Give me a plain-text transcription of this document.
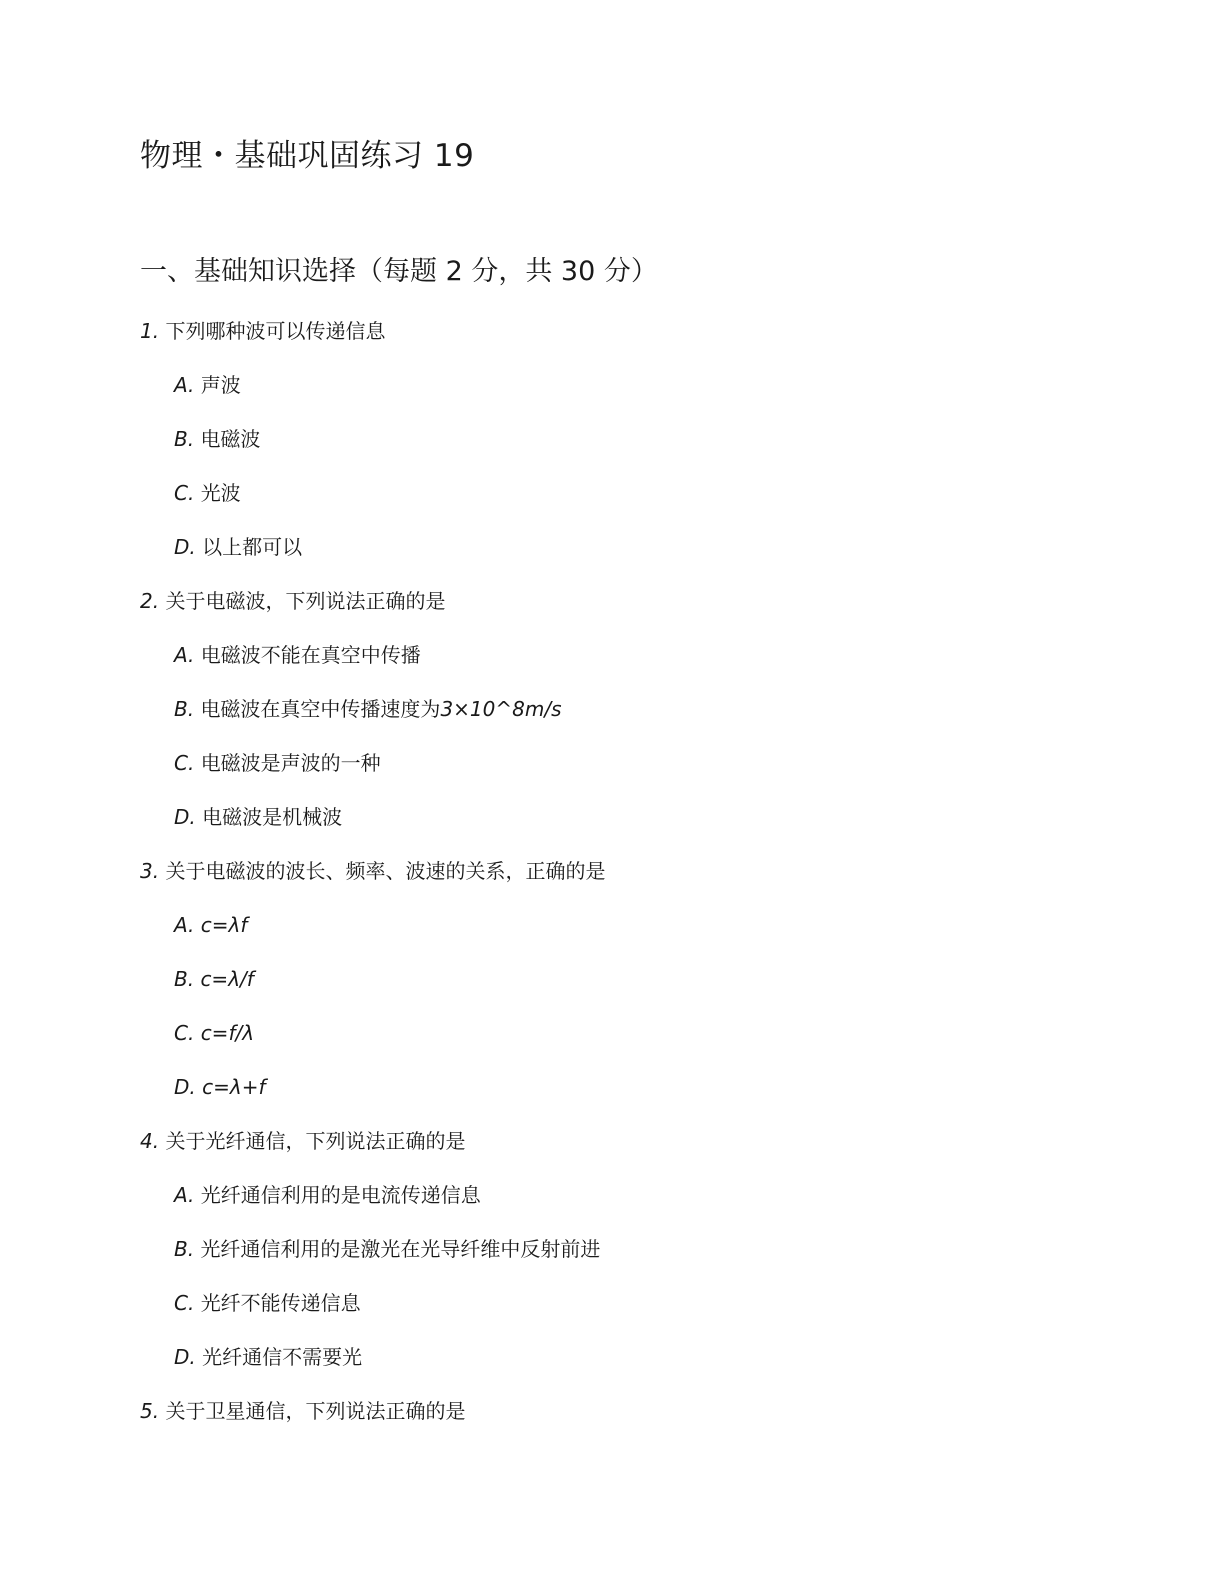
物理・基础巩固练习 19
一、基础知识选择（每题 2 分，共 30 分）
1. 下列哪种波可以传递信息
A. 声波
B. 电磁波
C. 光波
D. 以上都可以
2. 关于电磁波，下列说法正确的是
A. 电磁波不能在真空中传播
B. 电磁波在真空中传播速度为3×10^8m/s
C. 电磁波是声波的一种
D. 电磁波是机械波
3. 关于电磁波的波长、频率、波速的关系，正确的是
A. c=λf
B. c=λ/f
C. c=f/λ
D. c=λ+f
4. 关于光纤通信，下列说法正确的是
A. 光纤通信利用的是电流传递信息
B. 光纤通信利用的是激光在光导纤维中反射前进
C. 光纤不能传递信息
D. 光纤通信不需要光
5. 关于卫星通信，下列说法正确的是
